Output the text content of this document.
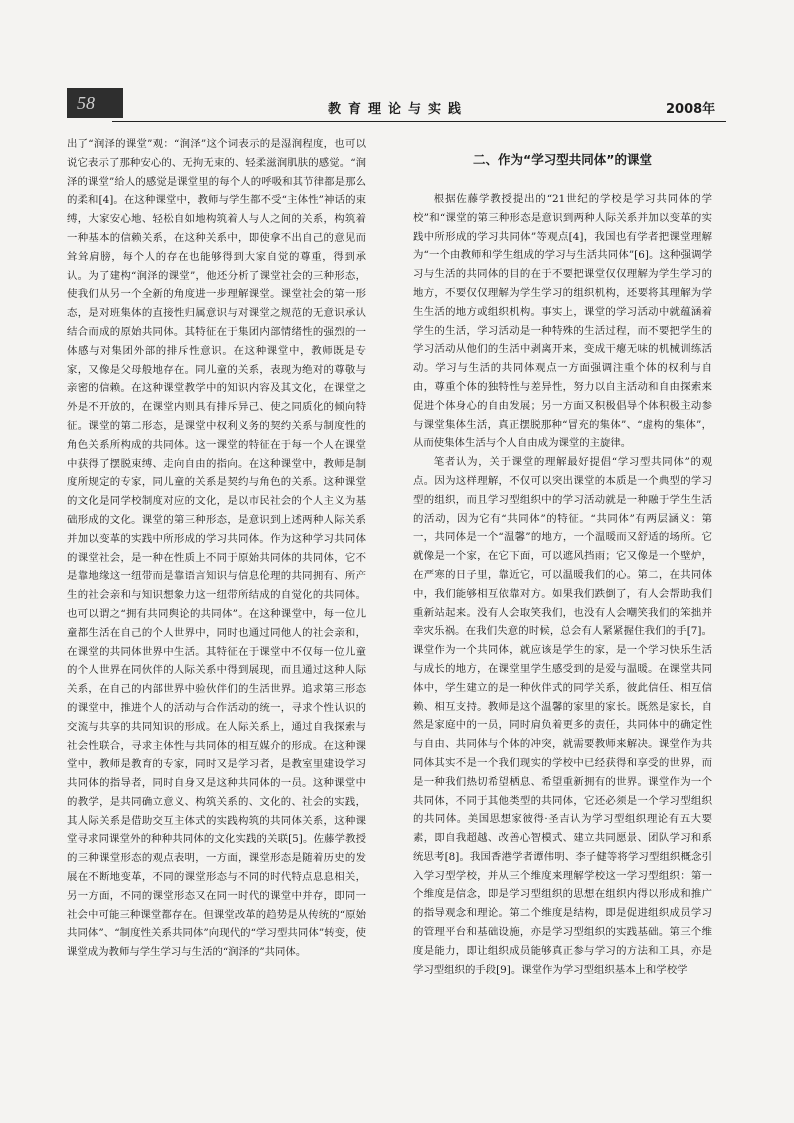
58	教育理论与实践	2008年

出了“润泽的课堂”观：“润泽”这个词表示的是湿润程度，也可以说它表示了那种安心的、无拘无束的、轻柔滋润肌肤的感觉。“润泽的课堂”给人的感觉是课堂里的每个人的呼吸和其节律都是那么的柔和[4]。在这种课堂中，教师与学生都不受“主体性”神话的束缚，大家安心地、轻松自如地构筑着人与人之间的关系，构筑着一种基本的信赖关系，在这种关系中，即使拿不出自己的意见而耸耸肩膀，每个人的存在也能够得到大家自觉的尊重，得到承认。为了建构“润泽的课堂”，他还分析了课堂社会的三种形态，使我们从另一个全新的角度进一步理解课堂。课堂社会的第一形态，是对班集体的直接性归属意识与对课堂之规范的无意识承认结合而成的原始共同体。其特征在于集团内部情绪性的强烈的一体感与对集团外部的排斥性意识。在这种课堂中，教师既是专家，又像是父母般地存在。同儿童的关系，表现为绝对的尊敬与亲密的信赖。在这种课堂教学中的知识内容及其文化，在课堂之外是不开放的，在课堂内则具有排斥异己、使之同质化的倾向特征。课堂的第二形态，是课堂中权利义务的契约关系与制度性的角色关系所构成的共同体。这一课堂的特征在于每一个人在课堂中获得了摆脱束缚、走向自由的指向。在这种课堂中，教师是制度所规定的专家，同儿童的关系是契约与角色的关系。这种课堂的文化是同学校制度对应的文化，是以市民社会的个人主义为基础形成的文化。课堂的第三种形态，是意识到上述两种人际关系并加以变革的实践中所形成的学习共同体。作为这种学习共同体的课堂社会，是一种在性质上不同于原始共同体的共同体，它不是靠地缘这一纽带而是靠语言知识与信息伦理的共同拥有、所产生的社会亲和与知识想象力这一纽带所结成的自觉化的共同体。也可以谓之“拥有共同舆论的共同体”。在这种课堂中，每一位儿童都生活在自己的个人世界中，同时也通过同他人的社会亲和，在课堂的共同体世界中生活。其特征在于课堂中不仅每一位儿童的个人世界在同伙伴的人际关系中得到展现，而且通过这种人际关系，在自己的内部世界中验伙伴们的生活世界。追求第三形态的课堂中，推进个人的活动与合作活动的统一，寻求个性认识的交流与共享的共同知识的形成。在人际关系上，通过自我探索与社会性联合，寻求主体性与共同体的相互媒介的形成。在这种课堂中，教师是教育的专家，同时又是学习者，是教室里建设学习共同体的指导者，同时自身又是这种共同体的一员。这种课堂中的教学，是共同确立意义、构筑关系的、文化的、社会的实践，其人际关系是借助交互主体式的实践构筑的共同体关系，这种课堂寻求同课堂外的种种共同体的文化实践的关联[5]。佐藤学教授的三种课堂形态的观点表明，一方面，课堂形态是随着历史的发展在不断地变革，不同的课堂形态与不同的时代特点息息相关，另一方面，不同的课堂形态又在同一时代的课堂中并存，即同一社会中可能三种课堂都存在。但课堂改革的趋势是从传统的“原始共同体”、“制度性关系共同体”向现代的“学习型共同体”转变，使课堂成为教师与学生学习与生活的“润泽的”共同体。

二、作为“学习型共同体”的课堂

根据佐藤学教授提出的“21世纪的学校是学习共同体的学校”和“课堂的第三种形态是意识到两种人际关系并加以变革的实践中所形成的学习共同体”等观点[4]，我国也有学者把课堂理解为“一个由教师和学生组成的学习与生活共同体”[6]。这种强调学习与生活的共同体的目的在于不要把课堂仅仅理解为学生学习的地方，不要仅仅理解为学生学习的组织机构，还要将其理解为学生生活的地方或组织机构。事实上，课堂的学习活动中就蕴涵着学生的生活，学习活动是一种特殊的生活过程，而不要把学生的学习活动从他们的生活中剥离开来，变成干瘪无味的机械训练活动。学习与生活的共同体观点一方面强调注重个体的权利与自由，尊重个体的独特性与差异性，努力以自主活动和自由探索来促进个体身心的自由发展；另一方面又积极倡导个体积极主动参与课堂集体生活，真正摆脱那种“冒充的集体”、“虚构的集体”，从而使集体生活与个人自由成为课堂的主旋律。

笔者认为，关于课堂的理解最好提倡“学习型共同体”的观点。因为这样理解，不仅可以突出课堂的本质是一个典型的学习型的组织，而且学习型组织中的学习活动就是一种融于学生生活的活动，因为它有“共同体”的特征。“共同体”有两层涵义：第一，共同体是一个“温馨”的地方，一个温暖而又舒适的场所。它就像是一个家，在它下面，可以遮风挡雨；它又像是一个壁炉，在严寒的日子里，靠近它，可以温暖我们的心。第二，在共同体中，我们能够相互依靠对方。如果我们跌倒了，有人会帮助我们重新站起来。没有人会取笑我们，也没有人会嘲笑我们的笨拙并幸灾乐祸。在我们失意的时候，总会有人紧紧握住我们的手[7]。课堂作为一个共同体，就应该是学生的家，是一个学习快乐生活与成长的地方，在课堂里学生感受到的是爱与温暖。在课堂共同体中，学生建立的是一种伙伴式的同学关系，彼此信任、相互信赖、相互支持。教师是这个温馨的家里的家长。既然是家长，自然是家庭中的一员，同时肩负着更多的责任，共同体中的确定性与自由、共同体与个体的冲突，就需要教师来解决。课堂作为共同体其实不是一个我们现实的学校中已经获得和享受的世界，而是一种我们热切希望栖息、希望重新拥有的世界。课堂作为一个共同体，不同于其他类型的共同体，它还必须是一个学习型组织的共同体。美国思想家彼得·圣吉认为学习型组织理论有五大要素，即自我超越、改善心智模式、建立共同愿景、团队学习和系统思考[8]。我国香港学者谭伟明、李子健等将学习型组织概念引入学习型学校，并从三个维度来理解学校这一学习型组织：第一个维度是信念，即是学习型组织的思想在组织内得以形成和推广的指导观念和理论。第二个维度是结构，即是促进组织成员学习的管理平台和基础设施，亦是学习型组织的实践基础。第三个维度是能力，即让组织成员能够真正参与学习的方法和工具，亦是学习型组织的手段[9]。课堂作为学习型组织基本上和学校学
